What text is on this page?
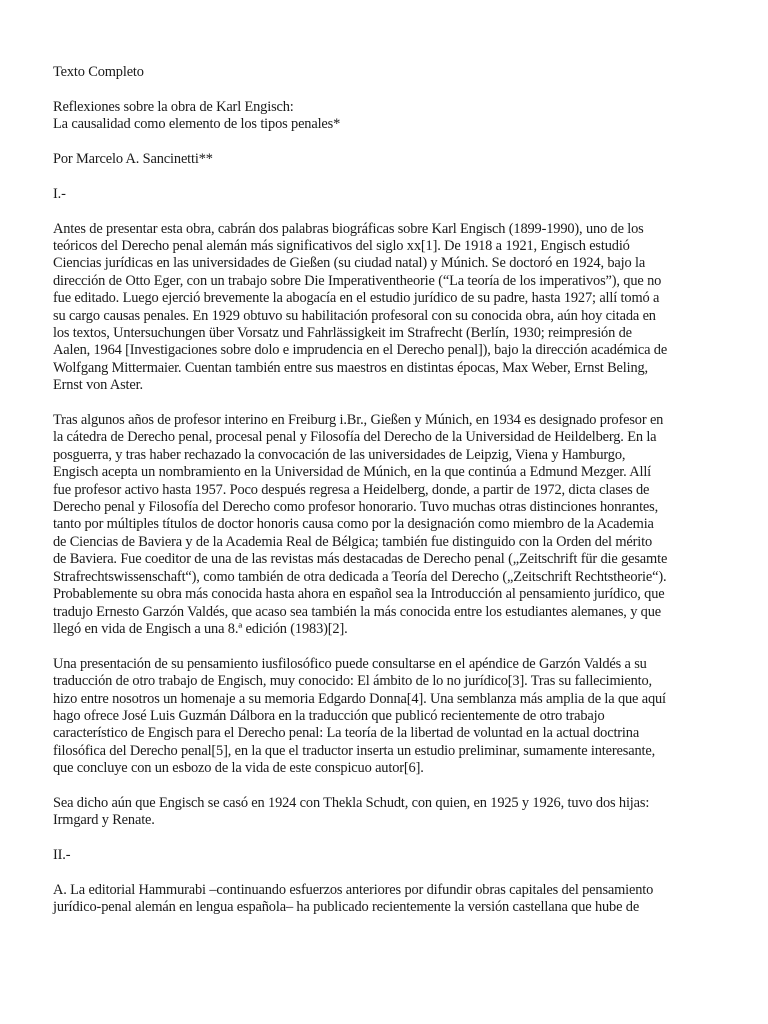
Texto Completo

Reflexiones sobre la obra de Karl Engisch:
La causalidad como elemento de los tipos penales*

Por Marcelo A. Sancinetti**

I.-

Antes de presentar esta obra, cabrán dos palabras biográficas sobre Karl Engisch (1899-1990), uno de los
teóricos del Derecho penal alemán más significativos del siglo xx[1]. De 1918 a 1921, Engisch estudió
Ciencias jurídicas en las universidades de Gießen (su ciudad natal) y Múnich. Se doctoró en 1924, bajo la
dirección de Otto Eger, con un trabajo sobre Die Imperativentheorie (“La teoría de los imperativos”), que no
fue editado. Luego ejerció brevemente la abogacía en el estudio jurídico de su padre, hasta 1927; allí tomó a
su cargo causas penales. En 1929 obtuvo su habilitación profesoral con su conocida obra, aún hoy citada en
los textos, Untersuchungen über Vorsatz und Fahrlässigkeit im Strafrecht (Berlín, 1930; reimpresión de
Aalen, 1964 [Investigaciones sobre dolo e imprudencia en el Derecho penal]), bajo la dirección académica de
Wolfgang Mittermaier. Cuentan también entre sus maestros en distintas épocas, Max Weber, Ernst Beling,
Ernst von Aster.

Tras algunos años de profesor interino en Freiburg i.Br., Gießen y Múnich, en 1934 es designado profesor en
la cátedra de Derecho penal, procesal penal y Filosofía del Derecho de la Universidad de Heildelberg. En la
posguerra, y tras haber rechazado la convocación de las universidades de Leipzig, Viena y Hamburgo,
Engisch acepta un nombramiento en la Universidad de Múnich, en la que continúa a Edmund Mezger. Allí
fue profesor activo hasta 1957. Poco después regresa a Heidelberg, donde, a partir de 1972, dicta clases de
Derecho penal y Filosofía del Derecho como profesor honorario. Tuvo muchas otras distinciones honrantes,
tanto por múltiples títulos de doctor honoris causa como por la designación como miembro de la Academia
de Ciencias de Baviera y de la Academia Real de Bélgica; también fue distinguido con la Orden del mérito
de Baviera. Fue coeditor de una de las revistas más destacadas de Derecho penal („Zeitschrift für die gesamte
Strafrechtswissenschaft“), como también de otra dedicada a Teoría del Derecho („Zeitschrift Rechtstheorie“).
Probablemente su obra más conocida hasta ahora en español sea la Introducción al pensamiento jurídico, que
tradujo Ernesto Garzón Valdés, que acaso sea también la más conocida entre los estudiantes alemanes, y que
llegó en vida de Engisch a una 8.ª edición (1983)[2].

Una presentación de su pensamiento iusfilosófico puede consultarse en el apéndice de Garzón Valdés a su
traducción de otro trabajo de Engisch, muy conocido: El ámbito de lo no jurídico[3]. Tras su fallecimiento,
hizo entre nosotros un homenaje a su memoria Edgardo Donna[4]. Una semblanza más amplia de la que aquí
hago ofrece José Luis Guzmán Dálbora en la traducción que publicó recientemente de otro trabajo
característico de Engisch para el Derecho penal: La teoría de la libertad de voluntad en la actual doctrina
filosófica del Derecho penal[5], en la que el traductor inserta un estudio preliminar, sumamente interesante,
que concluye con un esbozo de la vida de este conspicuo autor[6].

Sea dicho aún que Engisch se casó en 1924 con Thekla Schudt, con quien, en 1925 y 1926, tuvo dos hijas:
Irmgard y Renate.

II.-

A. La editorial Hammurabi –continuando esfuerzos anteriores por difundir obras capitales del pensamiento
jurídico-penal alemán en lengua española– ha publicado recientemente la versión castellana que hube de
